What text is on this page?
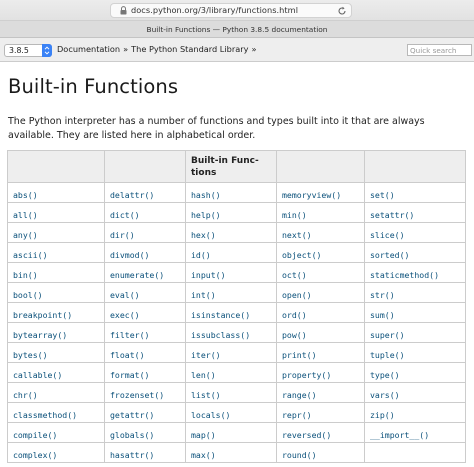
docs.python.org/3/library/functions.html
Built-in Functions — Python 3.8.5 documentation
3.8.5	Documentation » The Python Standard Library »
Quick search
Built-in Functions

The Python interpreter has a number of functions and types built into it that are always available. They are listed here in alphabetical order.

		Built-in Func-tions		
abs()	delattr()	hash()	memoryview()	set()
all()	dict()	help()	min()	setattr()
any()	dir()	hex()	next()	slice()
ascii()	divmod()	id()	object()	sorted()
bin()	enumerate()	input()	oct()	staticmethod()
bool()	eval()	int()	open()	str()
breakpoint()	exec()	isinstance()	ord()	sum()
bytearray()	filter()	issubclass()	pow()	super()
bytes()	float()	iter()	print()	tuple()
callable()	format()	len()	property()	type()
chr()	frozenset()	list()	range()	vars()
classmethod()	getattr()	locals()	repr()	zip()
compile()	globals()	map()	reversed()	__import__()
complex()	hasattr()	max()	round()	
